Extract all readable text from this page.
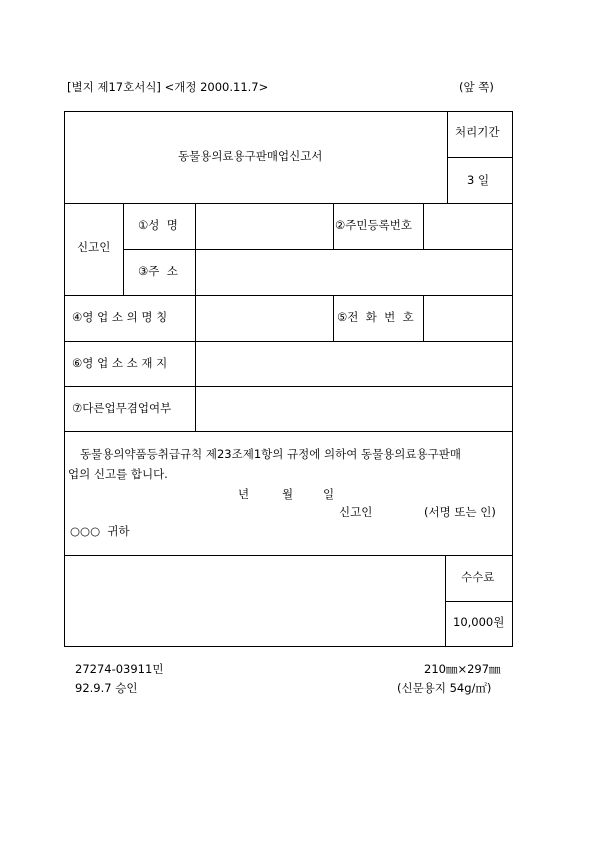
[별지 제17호서식] <개정 2000.11.7>	(앞 쪽)
동물용의료용구판매업신고서
처리기간
3 일
신고인
①성  명	②주민등록번호
③주  소
④영 업 소 의 명 칭	⑤전  화  번  호
⑥영 업 소 소 재 지
⑦다른업무겸업여부
동물용의약품등취급규칙 제23조제1항의 규정에 의하여 동물용의료용구판매
업의 신고를 합니다.
년	월	일
신고인	(서명 또는 인)
○○○  귀하
수수료
10,000원
27274-03911민
92.9.7 승인
210㎜×297㎜
(신문용지 54g/㎡)
